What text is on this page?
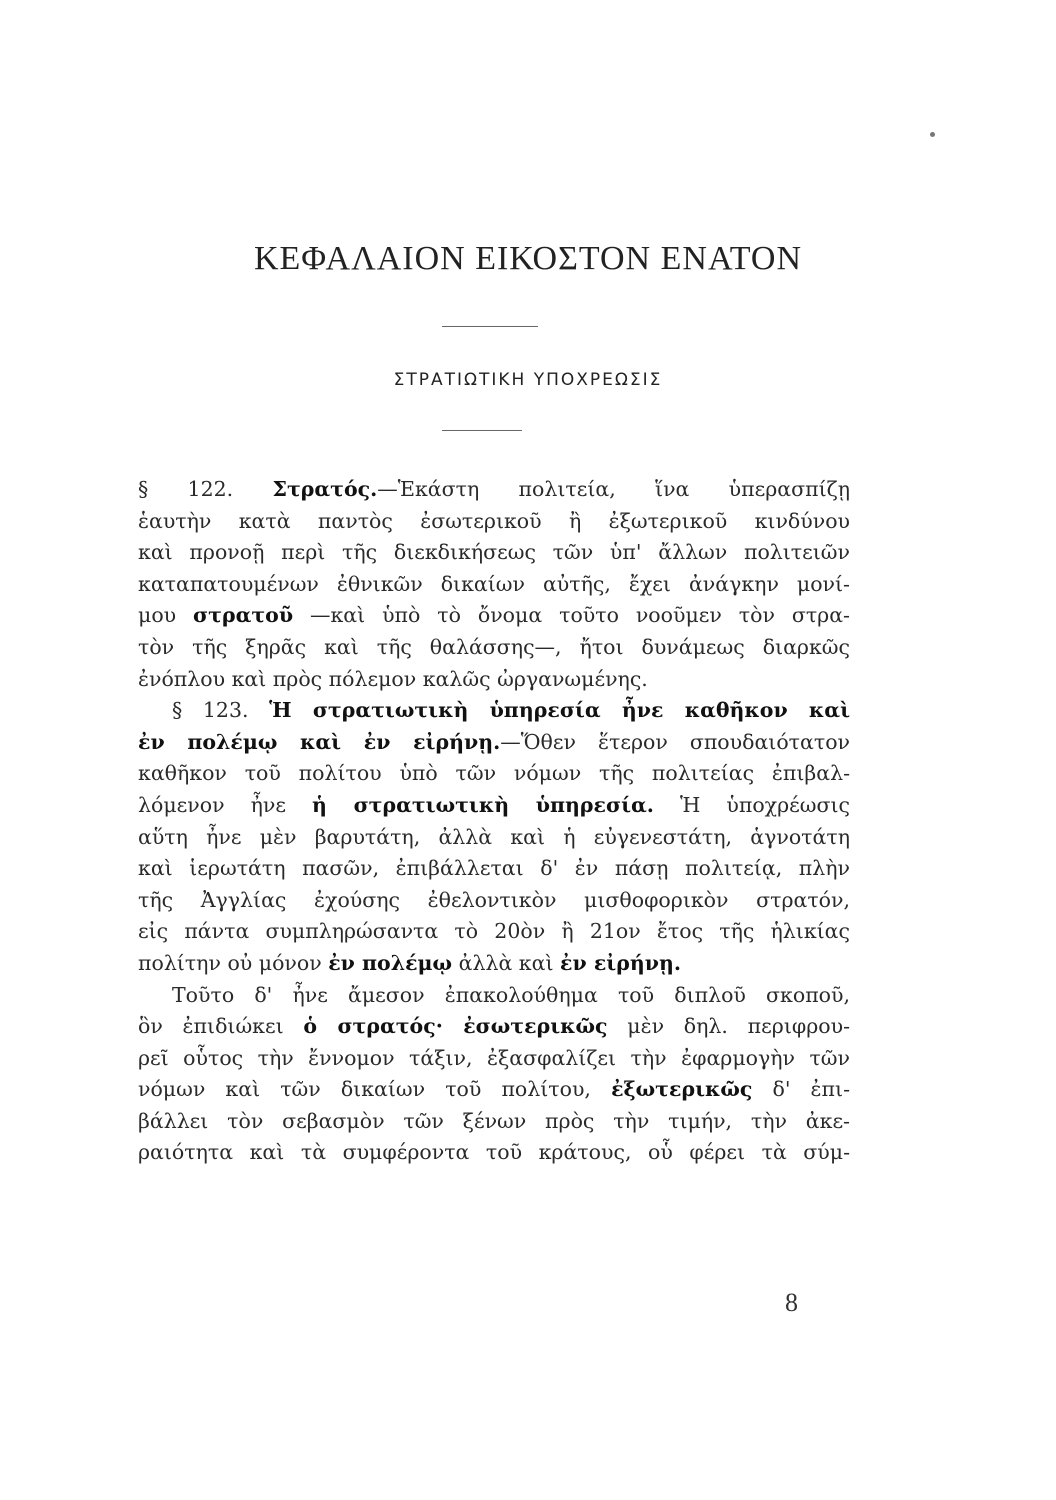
ΚΕΦΑΛΑΙΟΝ ΕΙΚΟΣΤΟΝ ΕΝΑΤΟΝ
ΣΤΡΑΤΙΩΤΙΚΗ ΥΠΟΧΡΕΩΣΙΣ
§ 122. Στρατός.—Ἑκάστη πολιτεία, ἵνα ὑπερασπίζῃ
ἑαυτὴν κατὰ παντὸς ἐσωτερικοῦ ἢ ἐξωτερικοῦ κινδύνου
καὶ προνοῇ περὶ τῆς διεκδικήσεως τῶν ὑπ' ἄλλων πολιτειῶν
καταπατουμένων ἐθνικῶν δικαίων αὐτῆς, ἔχει ἀνάγκην μονί-
μου στρατοῦ —καὶ ὑπὸ τὸ ὄνομα τοῦτο νοοῦμεν τὸν στρα-
τὸν τῆς ξηρᾶς καὶ τῆς θαλάσσης—, ἤτοι δυνάμεως διαρκῶς
ἐνόπλου καὶ πρὸς πόλεμον καλῶς ὠργανωμένης.
§ 123. Ἡ στρατιωτικὴ ὑπηρεσία ἦνε καθῆκον καὶ
ἐν πολέμῳ καὶ ἐν εἰρήνῃ.—Ὅθεν ἕτερον σπουδαιότατον
καθῆκον τοῦ πολίτου ὑπὸ τῶν νόμων τῆς πολιτείας ἐπιβαλ-
λόμενον ἦνε ἡ στρατιωτικὴ ὑπηρεσία. Ἡ ὑποχρέωσις
αὕτη ἦνε μὲν βαρυτάτη, ἀλλὰ καὶ ἡ εὐγενεστάτη, ἁγνοτάτη
καὶ ἱερωτάτη πασῶν, ἐπιβάλλεται δ' ἐν πάσῃ πολιτείᾳ, πλὴν
τῆς Ἀγγλίας ἐχούσης ἐθελοντικὸν μισθοφορικὸν στρατόν,
εἰς πάντα συμπληρώσαντα τὸ 20ὸν ἢ 21ον ἔτος τῆς ἡλικίας
πολίτην οὐ μόνον ἐν πολέμῳ ἀλλὰ καὶ ἐν εἰρήνῃ.
Τοῦτο δ' ἦνε ἄμεσον ἐπακολούθημα τοῦ διπλοῦ σκοποῦ,
ὃν ἐπιδιώκει ὁ στρατός· ἐσωτερικῶς μὲν δηλ. περιφρου-
ρεῖ οὗτος τὴν ἔννομον τάξιν, ἐξασφαλίζει τὴν ἐφαρμογὴν τῶν
νόμων καὶ τῶν δικαίων τοῦ πολίτου, ἐξωτερικῶς δ' ἐπι-
βάλλει τὸν σεβασμὸν τῶν ξένων πρὸς τὴν τιμήν, τὴν ἀκε-
ραιότητα καὶ τὰ συμφέροντα τοῦ κράτους, οὗ φέρει τὰ σύμ-
8
